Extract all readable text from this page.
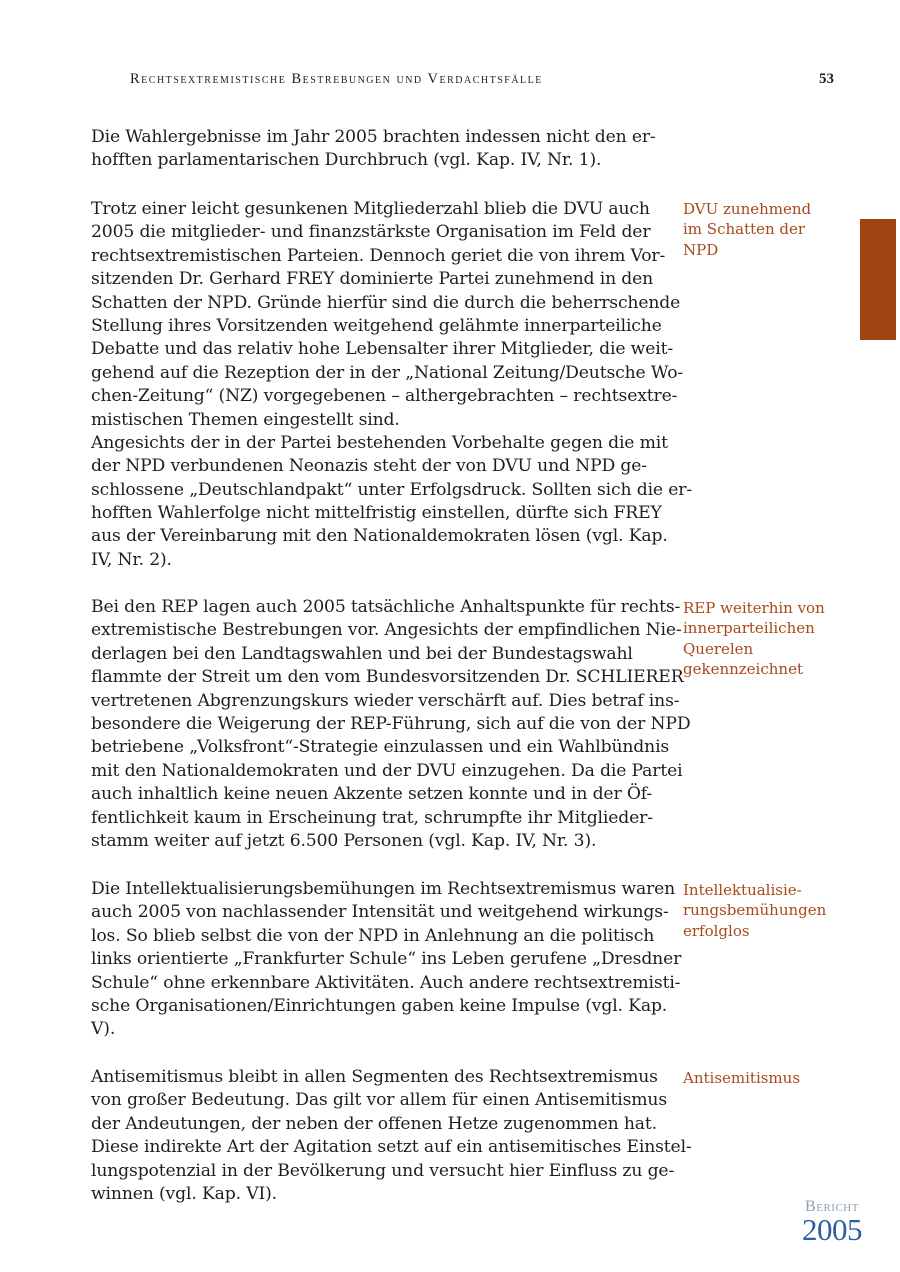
Rechtsextremistische Bestrebungen und Verdachtsfälle	53
Die Wahlergebnisse im Jahr 2005 brachten indessen nicht den er-
hofften parlamentarischen Durchbruch (vgl. Kap. IV, Nr. 1).
Trotz einer leicht gesunkenen Mitgliederzahl blieb die DVU auch
2005 die mitglieder- und finanzstärkste Organisation im Feld der
rechtsextremistischen Parteien. Dennoch geriet die von ihrem Vor-
sitzenden Dr. Gerhard FREY dominierte Partei zunehmend in den
Schatten der NPD. Gründe hierfür sind die durch die beherrschende
Stellung ihres Vorsitzenden weitgehend gelähmte innerparteiliche
Debatte und das relativ hohe Lebensalter ihrer Mitglieder, die weit-
gehend auf die Rezeption der in der „National Zeitung/Deutsche Wo-
chen-Zeitung“ (NZ) vorgegebenen – althergebrachten – rechtsextre-
mistischen Themen eingestellt sind.
Angesichts der in der Partei bestehenden Vorbehalte gegen die mit
der NPD verbundenen Neonazis steht der von DVU und NPD ge-
schlossene „Deutschlandpakt“ unter Erfolgsdruck. Sollten sich die er-
hofften Wahlerfolge nicht mittelfristig einstellen, dürfte sich FREY
aus der Vereinbarung mit den Nationaldemokraten lösen (vgl. Kap.
IV, Nr. 2).
Bei den REP lagen auch 2005 tatsächliche Anhaltspunkte für rechts-
extremistische Bestrebungen vor. Angesichts der empfindlichen Nie-
derlagen bei den Landtagswahlen und bei der Bundestagswahl
flammte der Streit um den vom Bundesvorsitzenden Dr. SCHLIERER
vertretenen Abgrenzungskurs wieder verschärft auf. Dies betraf ins-
besondere die Weigerung der REP-Führung, sich auf die von der NPD
betriebene „Volksfront“-Strategie einzulassen und ein Wahlbündnis
mit den Nationaldemokraten und der DVU einzugehen. Da die Partei
auch inhaltlich keine neuen Akzente setzen konnte und in der Öf-
fentlichkeit kaum in Erscheinung trat, schrumpfte ihr Mitglieder-
stamm weiter auf jetzt 6.500 Personen (vgl. Kap. IV, Nr. 3).
Die Intellektualisierungsbemühungen im Rechtsextremismus waren
auch 2005 von nachlassender Intensität und weitgehend wirkungs-
los. So blieb selbst die von der NPD in Anlehnung an die politisch
links orientierte „Frankfurter Schule“ ins Leben gerufene „Dresdner
Schule“ ohne erkennbare Aktivitäten. Auch andere rechtsextremisti-
sche Organisationen/Einrichtungen gaben keine Impulse (vgl. Kap.
V).
Antisemitismus bleibt in allen Segmenten des Rechtsextremismus
von großer Bedeutung. Das gilt vor allem für einen Antisemitismus
der Andeutungen, der neben der offenen Hetze zugenommen hat.
Diese indirekte Art der Agitation setzt auf ein antisemitisches Einstel-
lungspotenzial in der Bevölkerung und versucht hier Einfluss zu ge-
winnen (vgl. Kap. VI).
DVU zunehmend
im Schatten der
NPD
REP weiterhin von
innerparteilichen
Querelen
gekennzeichnet
Intellektualisie-
rungsbemühungen
erfolglos
Antisemitismus
Bericht
2005
